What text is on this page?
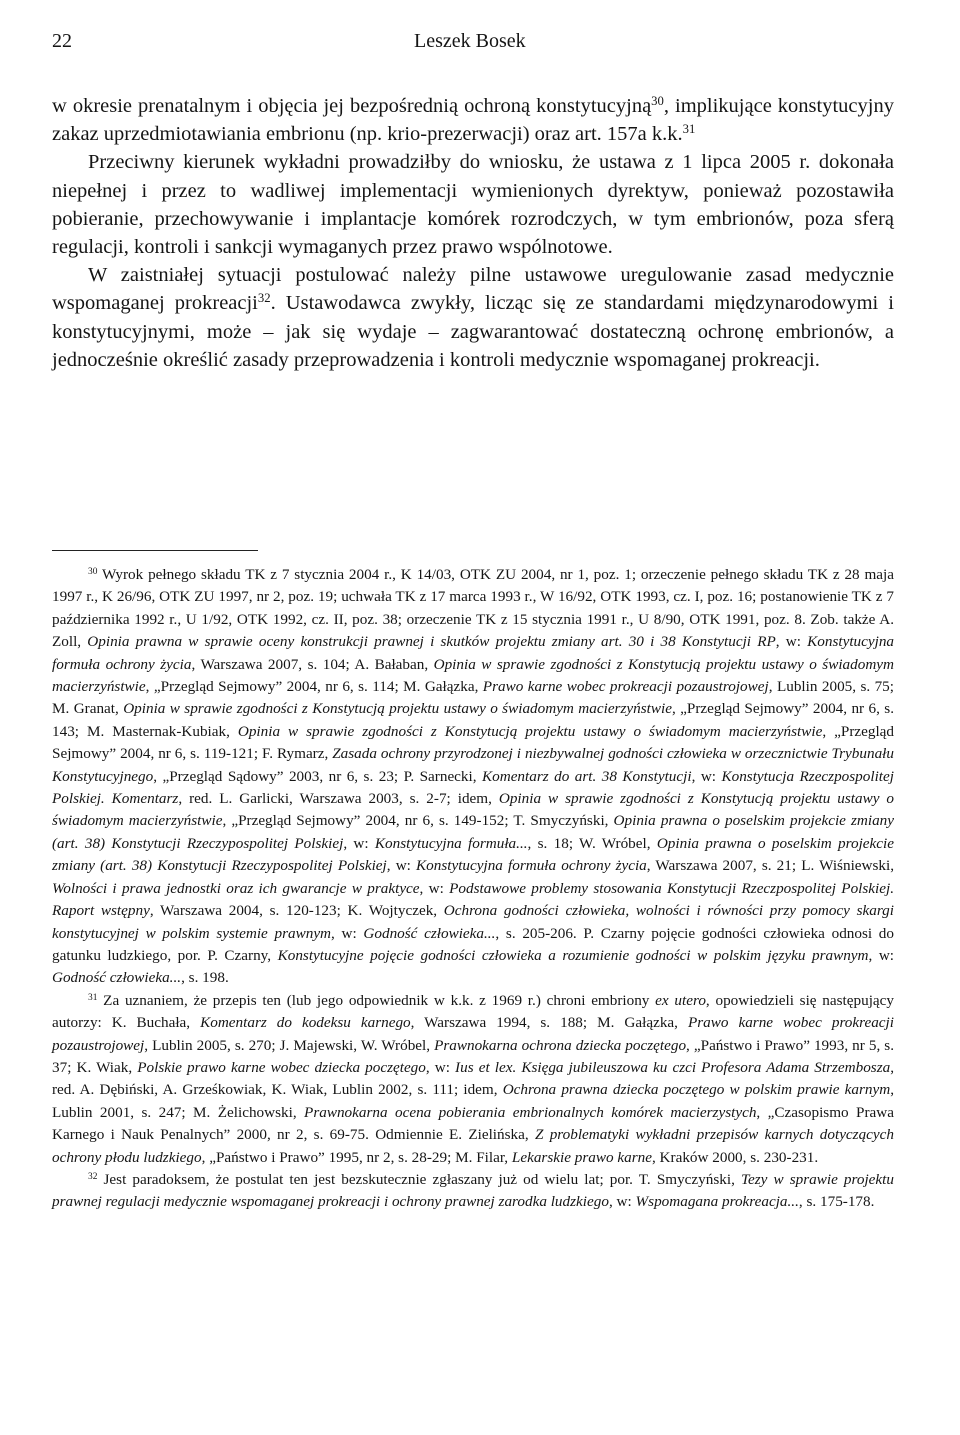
22	Leszek Bosek

w okresie prenatalnym i objęcia jej bezpośrednią ochroną konstytucyjną$^{30}$, implikujące konstytucyjny zakaz uprzedmiotawiania embrionu (np. krio-prezerwacji) oraz art. 157a k.k.$^{31}$

Przeciwny kierunek wykładni prowadziłby do wniosku, że ustawa z 1 lipca 2005 r. dokonała niepełnej i przez to wadliwej implementacji wymienionych dyrektyw, ponieważ pozostawiła pobieranie, przechowywanie i implantacje komórek rozrodczych, w tym embrionów, poza sferą regulacji, kontroli i sankcji wymaganych przez prawo wspólnotowe.

W zaistniałej sytuacji postulować należy pilne ustawowe uregulowanie zasad medycznie wspomaganej prokreacji$^{32}$. Ustawodawca zwykły, licząc się ze standardami międzynarodowymi i konstytucyjnymi, może – jak się wydaje – zagwarantować dostateczną ochronę embrionów, a jednocześnie określić zasady przeprowadzenia i kontroli medycznie wspomaganej prokreacji.

$^{30}$ Wyrok pełnego składu TK z 7 stycznia 2004 r., K 14/03, OTK ZU 2004, nr 1, poz. 1; orzeczenie pełnego składu TK z 28 maja 1997 r., K 26/96, OTK ZU 1997, nr 2, poz. 19; uchwała TK z 17 marca 1993 r., W 16/92, OTK 1993, cz. I, poz. 16; postanowienie TK z 7 października 1992 r., U 1/92, OTK 1992, cz. II, poz. 38; orzeczenie TK z 15 stycznia 1991 r., U 8/90, OTK 1991, poz. 8. Zob. także A. Zoll, Opinia prawna w sprawie oceny konstrukcji prawnej i skutków projektu zmiany art. 30 i 38 Konstytucji RP, w: Konstytucyjna formuła ochrony życia, Warszawa 2007, s. 104; A. Bałaban, Opinia w sprawie zgodności z Konstytucją projektu ustawy o świadomym macierzyństwie, „Przegląd Sejmowy” 2004, nr 6, s. 114; M. Gałązka, Prawo karne wobec prokreacji pozaustrojowej, Lublin 2005, s. 75; M. Granat, Opinia w sprawie zgodności z Konstytucją projektu ustawy o świadomym macierzyństwie, „Przegląd Sejmowy” 2004, nr 6, s. 143; M. Masternak-Kubiak, Opinia w sprawie zgodności z Konstytucją projektu ustawy o świadomym macierzyństwie, „Przegląd Sejmowy” 2004, nr 6, s. 119-121; F. Rymarz, Zasada ochrony przyrodzonej i niezbywalnej godności człowieka w orzecznictwie Trybunału Konstytucyjnego, „Przegląd Sądowy” 2003, nr 6, s. 23; P. Sarnecki, Komentarz do art. 38 Konstytucji, w: Konstytucja Rzeczpospolitej Polskiej. Komentarz, red. L. Garlicki, Warszawa 2003, s. 2-7; idem, Opinia w sprawie zgodności z Konstytucją projektu ustawy o świadomym macierzyństwie, „Przegląd Sejmowy” 2004, nr 6, s. 149-152; T. Smyczyński, Opinia prawna o poselskim projekcie zmiany (art. 38) Konstytucji Rzeczypospolitej Polskiej, w: Konstytucyjna formuła..., s. 18; W. Wróbel, Opinia prawna o poselskim projekcie zmiany (art. 38) Konstytucji Rzeczypospolitej Polskiej, w: Konstytucyjna formuła ochrony życia, Warszawa 2007, s. 21; L. Wiśniewski, Wolności i prawa jednostki oraz ich gwarancje w praktyce, w: Podstawowe problemy stosowania Konstytucji Rzeczpospolitej Polskiej. Raport wstępny, Warszawa 2004, s. 120-123; K. Wojtyczek, Ochrona godności człowieka, wolności i równości przy pomocy skargi konstytucyjnej w polskim systemie prawnym, w: Godność człowieka..., s. 205-206. P. Czarny pojęcie godności człowieka odnosi do gatunku ludzkiego, por. P. Czarny, Konstytucyjne pojęcie godności człowieka a rozumienie godności w polskim języku prawnym, w: Godność człowieka..., s. 198.

$^{31}$ Za uznaniem, że przepis ten (lub jego odpowiednik w k.k. z 1969 r.) chroni embriony ex utero, opowiedzieli się następujący autorzy: K. Buchała, Komentarz do kodeksu karnego, Warszawa 1994, s. 188; M. Gałązka, Prawo karne wobec prokreacji pozaustrojowej, Lublin 2005, s. 270; J. Majewski, W. Wróbel, Prawnokarna ochrona dziecka poczętego, „Państwo i Prawo” 1993, nr 5, s. 37; K. Wiak, Polskie prawo karne wobec dziecka poczętego, w: Ius et lex. Księga jubileuszowa ku czci Profesora Adama Strzembosza, red. A. Dębiński, A. Grześkowiak, K. Wiak, Lublin 2002, s. 111; idem, Ochrona prawna dziecka poczętego w polskim prawie karnym, Lublin 2001, s. 247; M. Żelichowski, Prawnokarna ocena pobierania embrionalnych komórek macierzystych, „Czasopismo Prawa Karnego i Nauk Penalnych” 2000, nr 2, s. 69-75. Odmiennie E. Zielińska, Z problematyki wykładni przepisów karnych dotyczących ochrony płodu ludzkiego, „Państwo i Prawo” 1995, nr 2, s. 28-29; M. Filar, Lekarskie prawo karne, Kraków 2000, s. 230-231.

$^{32}$ Jest paradoksem, że postulat ten jest bezskutecznie zgłaszany już od wielu lat; por. T. Smyczyński, Tezy w sprawie projektu prawnej regulacji medycznie wspomaganej prokreacji i ochrony prawnej zarodka ludzkiego, w: Wspomagana prokreacja..., s. 175-178.
